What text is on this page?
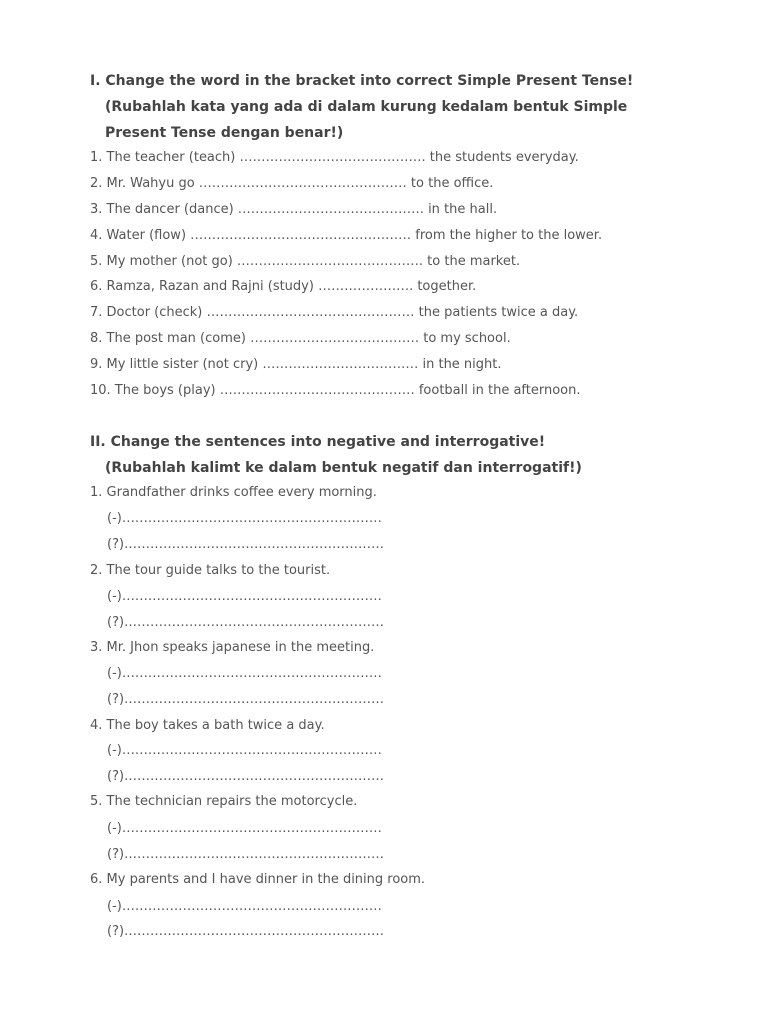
I. Change the word in the bracket into correct Simple Present Tense!
(Rubahlah kata yang ada di dalam kurung kedalam bentuk Simple
Present Tense dengan benar!)
1. The teacher (teach) ……………………………………. the students everyday.
2. Mr. Wahyu go ………………………………………… to the office.
3. The dancer (dance) ……………………………………. in the hall.
4. Water (flow) …………………………………………… from the higher to the lower.
5. My mother (not go) ……………………………………. to the market.
6. Ramza, Razan and Rajni (study) …………………. together.
7. Doctor (check) ………………………………………… the patients twice a day.
8. The post man (come) ………………………………… to my school.
9. My little sister (not cry) ……………………………… in the night.
10. The boys (play) ……………………………………… football in the afternoon.
II. Change the sentences into negative and interrogative!
(Rubahlah kalimt ke dalam bentuk negatif dan interrogatif!)
1. Grandfather drinks coffee every morning.
(-)……………………………………………………
(?)……………………………………………………
2. The tour guide talks to the tourist.
(-)……………………………………………………
(?)……………………………………………………
3. Mr. Jhon speaks japanese in the meeting.
(-)……………………………………………………
(?)……………………………………………………
4. The boy takes a bath twice a day.
(-)……………………………………………………
(?)……………………………………………………
5. The technician repairs the motorcycle.
(-)……………………………………………………
(?)……………………………………………………
6. My parents and I have dinner in the dining room.
(-)……………………………………………………
(?)……………………………………………………
